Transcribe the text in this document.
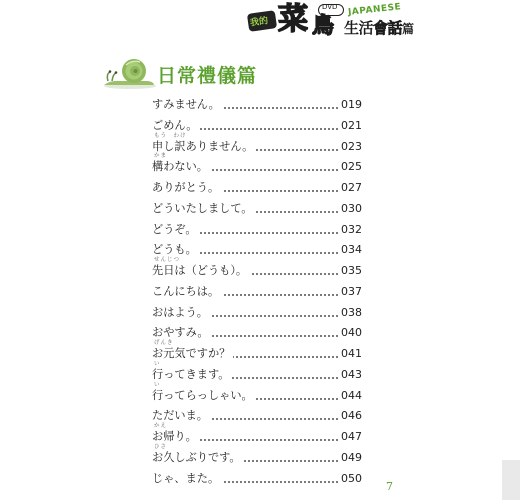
我的 菜 DVD
鳥
JAPANESE
生活會話篇
日常禮儀篇
すみません。	019
ごめん。	021
もう　わけ
申し訳ありません。	023
かま
構わない。	025
ありがとう。	027
どういたしまして。	030
どうぞ。	032
どうも。	034
せんじつ
先日は（どうも）。	035
こんにちは。	037
おはよう。	038
おやすみ。	040
げんき
お元気ですか？	041
い
行ってきます。	043
い
行ってらっしゃい。	044
ただいま。	046
かえ
お帰り。	047
ひさ
お久しぶりです。	049
じゃ、また。	050
7
